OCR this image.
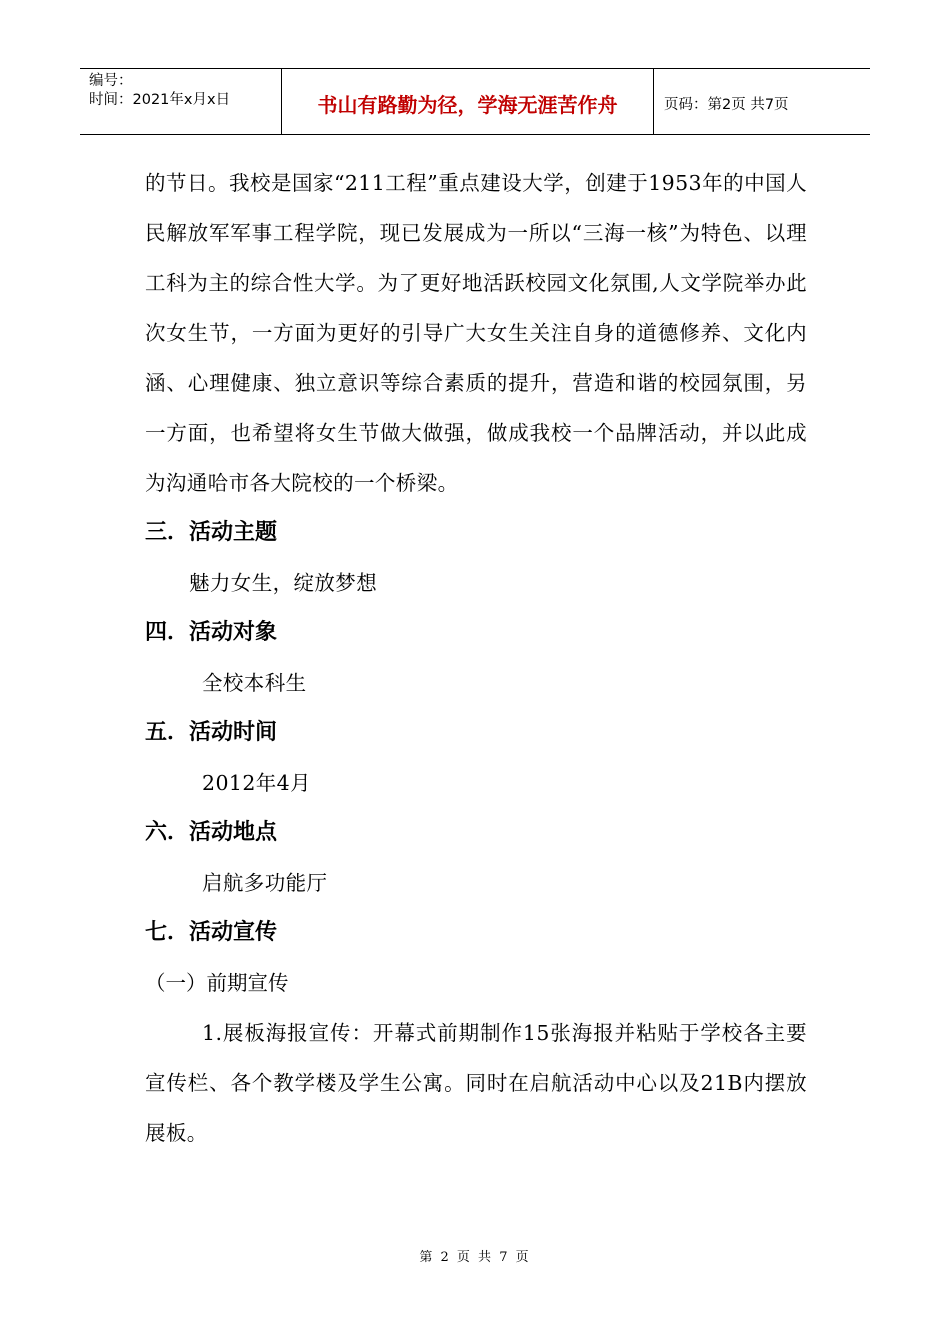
编号：
时间：2021年x月x日	书山有路勤为径，学海无涯苦作舟	页码：第2页 共7页

的节日。我校是国家“211工程”重点建设大学，创建于1953年的中国人民解放军军事工程学院，现已发展成为一所以“三海一核”为特色、以理工科为主的综合性大学。为了更好地活跃校园文化氛围,人文学院举办此次女生节，一方面为更好的引导广大女生关注自身的道德修养、文化内涵、心理健康、独立意识等综合素质的提升，营造和谐的校园氛围，另一方面，也希望将女生节做大做强，做成我校一个品牌活动，并以此成为沟通哈市各大院校的一个桥梁。

三．活动主题

魅力女生，绽放梦想

四．活动对象

全校本科生

五．活动时间

2012年4月

六．活动地点

启航多功能厅

七．活动宣传

（一）前期宣传

1.展板海报宣传：开幕式前期制作15张海报并粘贴于学校各主要宣传栏、各个教学楼及学生公寓。同时在启航活动中心以及21B内摆放展板。

第 2 页 共 7 页
